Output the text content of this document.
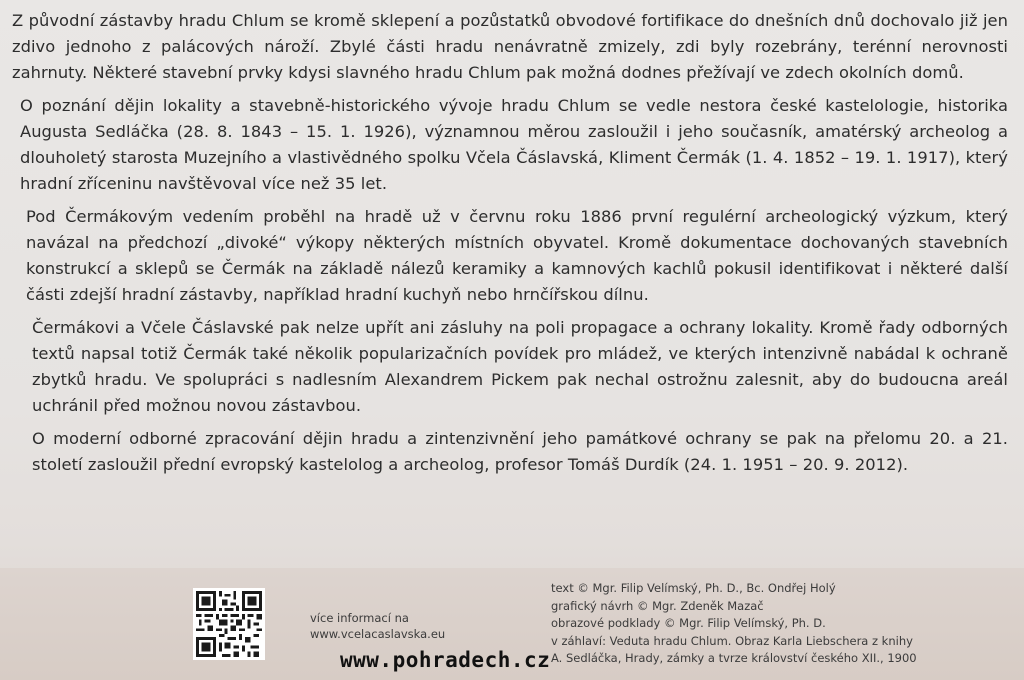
Z původní zástavby hradu Chlum se kromě sklepení a pozůstatků obvodové fortifikace do dnešních dnů dochovalo již jen zdivo jednoho z palácových nároží. Zbylé části hradu nenávratně zmizely, zdi byly rozebrány, terénní nerovnosti zahrnuty. Některé stavební prvky kdysi slavného hradu Chlum pak možná dodnes přežívají ve zdech okolních domů.

O poznání dějin lokality a stavebně-historického vývoje hradu Chlum se vedle nestora české kastelologie, historika Augusta Sedláčka (28. 8. 1843 – 15. 1. 1926), významnou měrou zasloužil i jeho současník, amatérský archeolog a dlouholetý starosta Muzejního a vlastivědného spolku Včela Čáslavská, Kliment Čermák (1. 4. 1852 – 19. 1. 1917), který hradní zříceninu navštěvoval více než 35 let.

Pod Čermákovým vedením proběhl na hradě už v červnu roku 1886 první regulérní archeologický výzkum, který navázal na předchozí „divoké“ výkopy některých místních obyvatel. Kromě dokumentace dochovaných stavebních konstrukcí a sklepů se Čermák na základě nálezů keramiky a kamnových kachlů pokusil identifikovat i některé další části zdejší hradní zástavby, například hradní kuchyň nebo hrnčířskou dílnu.

Čermákovi a Včele Čáslavské pak nelze upřít ani zásluhy na poli propagace a ochrany lokality. Kromě řady odborných textů napsal totiž Čermák také několik popularizačních povídek pro mládež, ve kterých intenzivně nabádal k ochraně zbytků hradu. Ve spolupráci s nadlesním Alexandrem Pickem pak nechal ostrožnu zalesnit, aby do budoucna areál uchránil před možnou novou zástavbou.

O moderní odborné zpracování dějin hradu a zintenzivnění jeho památkové ochrany se pak na přelomu 20. a 21. století zasloužil přední evropský kastelolog a archeolog, profesor Tomáš Durdík (24. 1. 1951 – 20. 9. 2012).

více informací na
www.vcelacaslavska.eu
text © Mgr. Filip Velímský, Ph. D., Bc. Ondřej Holý
grafický návrh © Mgr. Zdeněk Mazač
obrazové podklady © Mgr. Filip Velímský, Ph. D.
v záhlaví: Veduta hradu Chlum. Obraz Karla Liebschera z knihy
A. Sedláčka, Hrady, zámky a tvrze království českého XII., 1900
www.pohradech.cz
